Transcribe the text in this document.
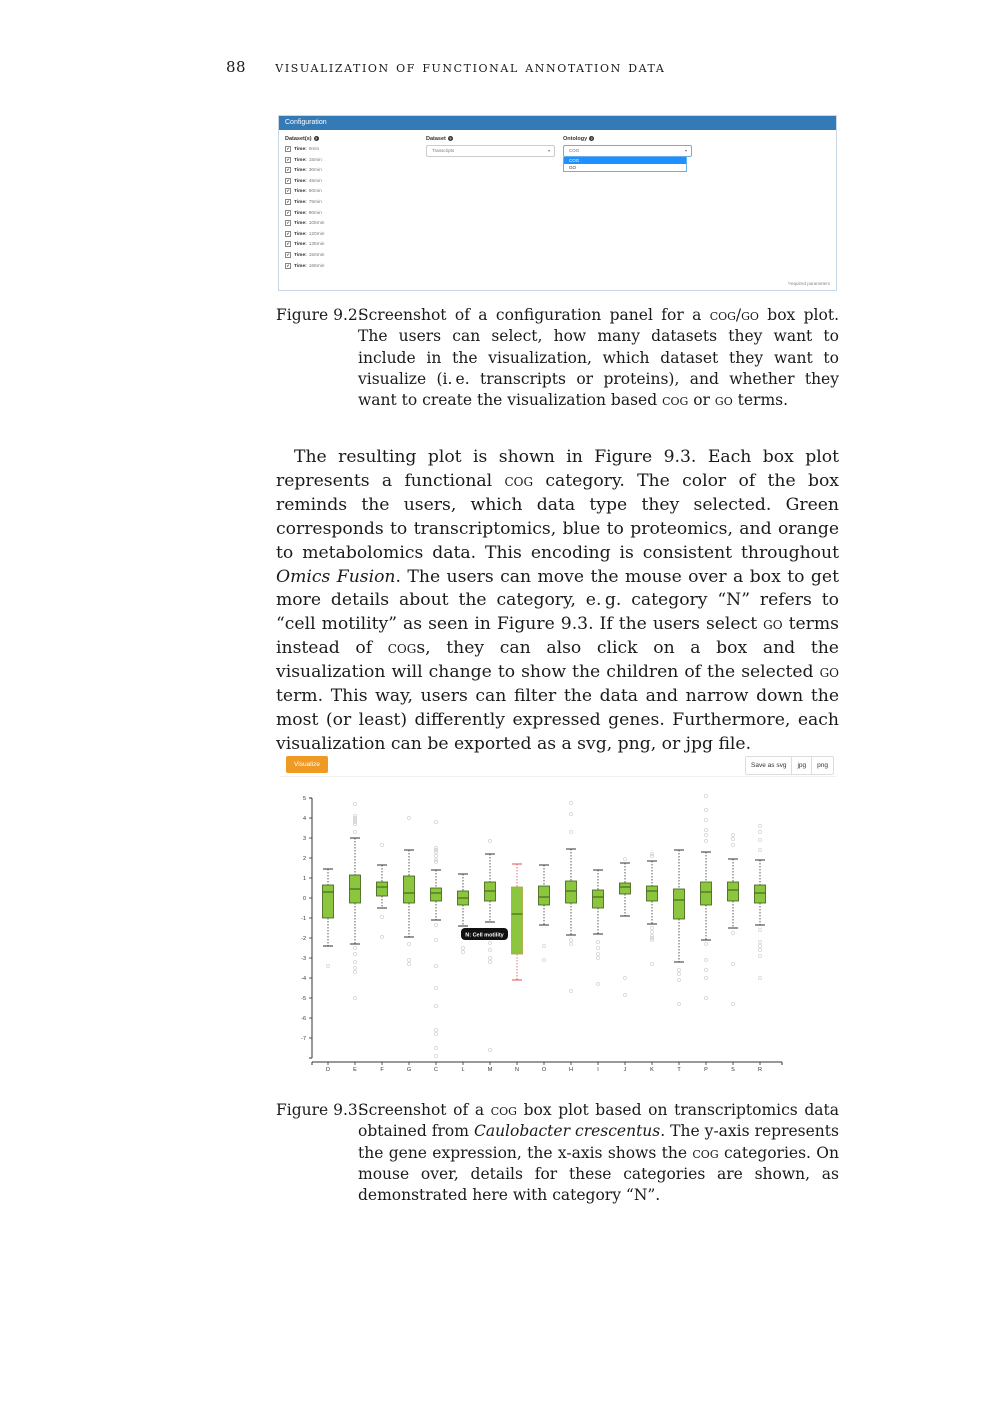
88 visualization of functional annotation data
Configuration
Dataset(s) ?
✔ Time: 0min
✔ Time: 15min
✔ Time: 30min
✔ Time: 45min
✔ Time: 60min
✔ Time: 75min
✔ Time: 90min
✔ Time: 105min
✔ Time: 120min
✔ Time: 135min
✔ Time: 150min
✔ Time: 165min
Dataset ?
Transcripts	▾
Ontology ?
COG	▾
COG
GO
*required parameters
Figure 9.2:
Screenshot of a configuration panel for a cog/go box plot. The users can select, how many datasets they want to include in the visualization, which dataset they want to visualize (i. e. transcripts or proteins), and whether they want to create the visualization based cog or go terms.
The resulting plot is shown in Figure 9.3. Each box plot represents a functional cog category. The color of the box reminds the users, which data type they selected. Green corresponds to transcriptomics, blue to proteomics, and orange to metabolomics data. This encoding is consistent throughout Omics Fusion. The users can move the mouse over a box to get more details about the category, e. g. category “N” refers to “cell motility” as seen in Figure 9.3. If the users select go terms instead of cogs, they can also click on a box and the visualization will change to show the children of the selected go term. This way, users can filter the data and narrow down the most (or least) differently expressed genes. Furthermore, each visualization can be exported as a svg, png, or jpg file.
Visualize	Save as svg	jpg	png
5
4
3
2
1
0
-1
-2
-3
-4
-5
-6
-7
D	E	F	G	C	L	M	N	O	H	I	J	K	T	P	S	R
N: Cell motility
Figure 9.3:
Screenshot of a cog box plot based on transcriptomics data obtained from Caulobacter crescentus. The y-axis represents the gene expression, the x-axis shows the cog categories. On mouse over, details for these categories are shown, as demonstrated here with category “N”.
